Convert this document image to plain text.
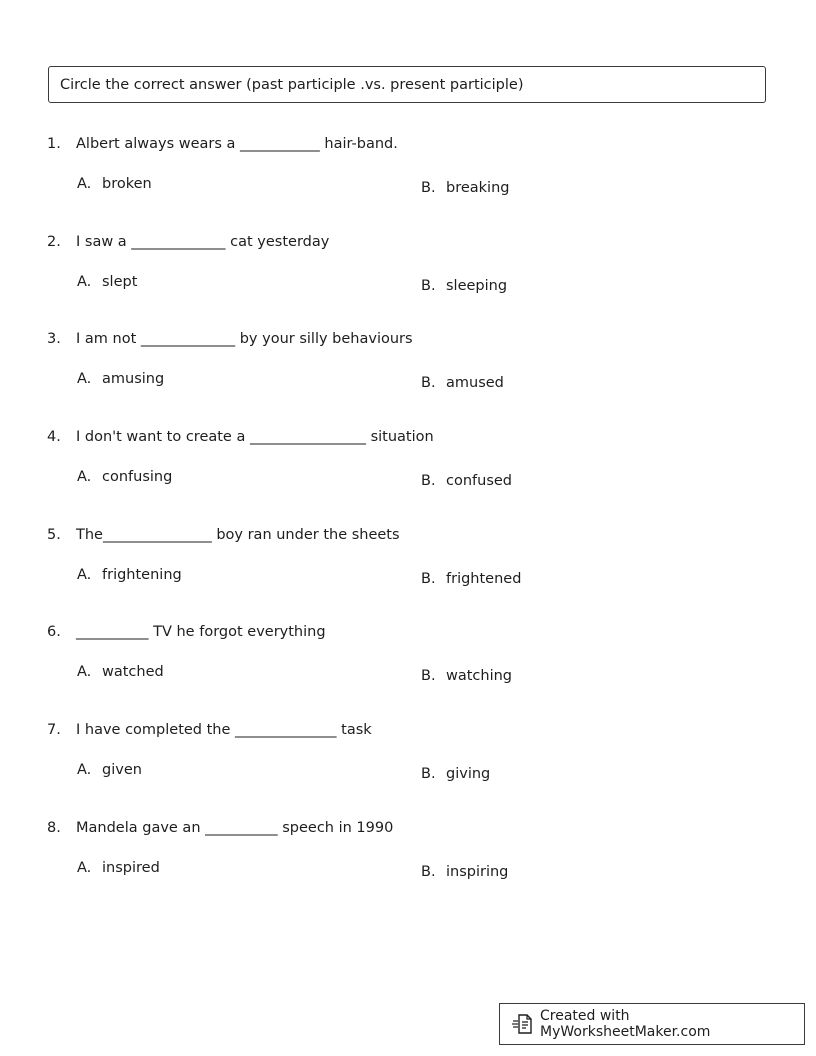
Circle the correct answer (past participle .vs. present participle)
1.	Albert always wears a ___________ hair-band.
A. broken	B. breaking
2.	I saw a _____________ cat yesterday
A. slept	B. sleeping
3.	I am not _____________ by your silly behaviours
A. amusing	B. amused
4.	I don't want to create a ________________ situation
A. confusing	B. confused
5.	The_______________ boy ran under the sheets
A. frightening	B. frightened
6.	__________ TV he forgot everything
A. watched	B. watching
7.	I have completed the ______________ task
A. given	B. giving
8.	Mandela gave an __________ speech in 1990
A. inspired	B. inspiring
Created with MyWorksheetMaker.com
